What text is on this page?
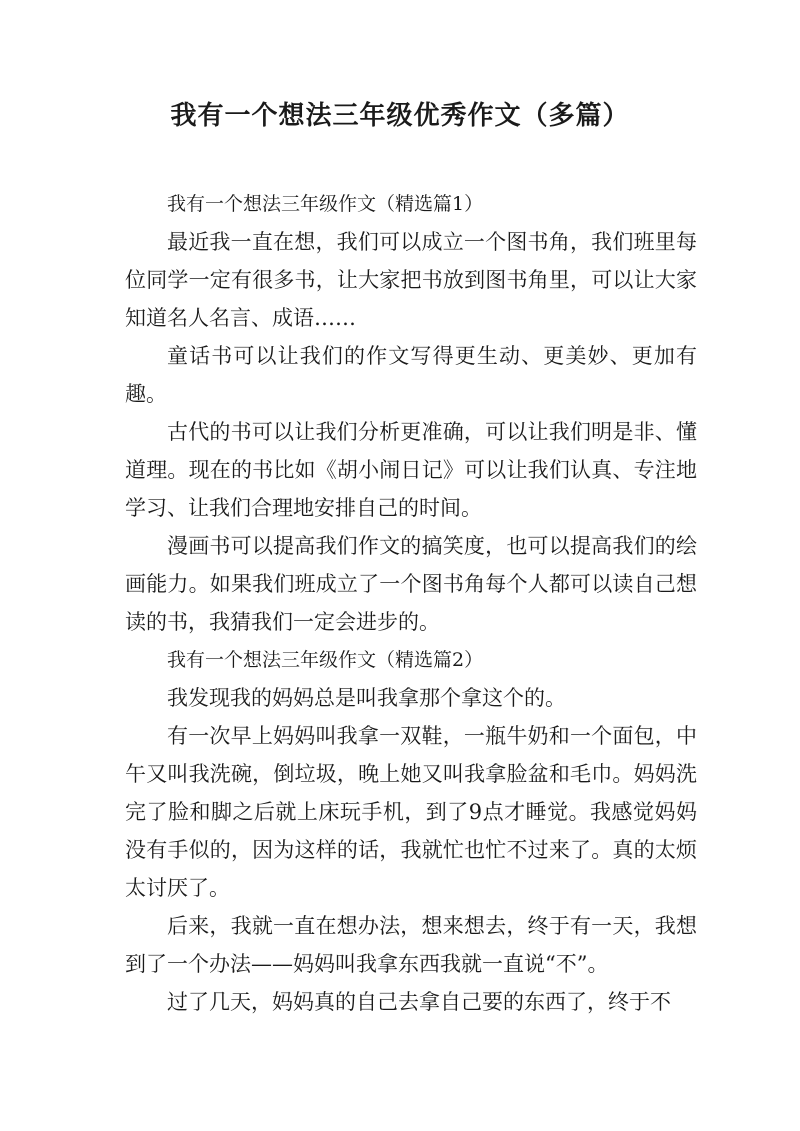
我有一个想法三年级优秀作文（多篇）

我有一个想法三年级作文（精选篇1）

最近我一直在想，我们可以成立一个图书角，我们班里每位同学一定有很多书，让大家把书放到图书角里，可以让大家知道名人名言、成语……

童话书可以让我们的作文写得更生动、更美妙、更加有趣。

古代的书可以让我们分析更准确，可以让我们明是非、懂道理。现在的书比如《胡小闹日记》可以让我们认真、专注地学习、让我们合理地安排自己的时间。

漫画书可以提高我们作文的搞笑度，也可以提高我们的绘画能力。如果我们班成立了一个图书角每个人都可以读自己想读的书，我猜我们一定会进步的。

我有一个想法三年级作文（精选篇2）

我发现我的妈妈总是叫我拿那个拿这个的。

有一次早上妈妈叫我拿一双鞋，一瓶牛奶和一个面包，中午又叫我洗碗，倒垃圾，晚上她又叫我拿脸盆和毛巾。妈妈洗完了脸和脚之后就上床玩手机，到了9点才睡觉。我感觉妈妈没有手似的，因为这样的话，我就忙也忙不过来了。真的太烦太讨厌了。

后来，我就一直在想办法，想来想去，终于有一天，我想到了一个办法——妈妈叫我拿东西我就一直说“不”。

过了几天，妈妈真的自己去拿自己要的东西了，终于不
